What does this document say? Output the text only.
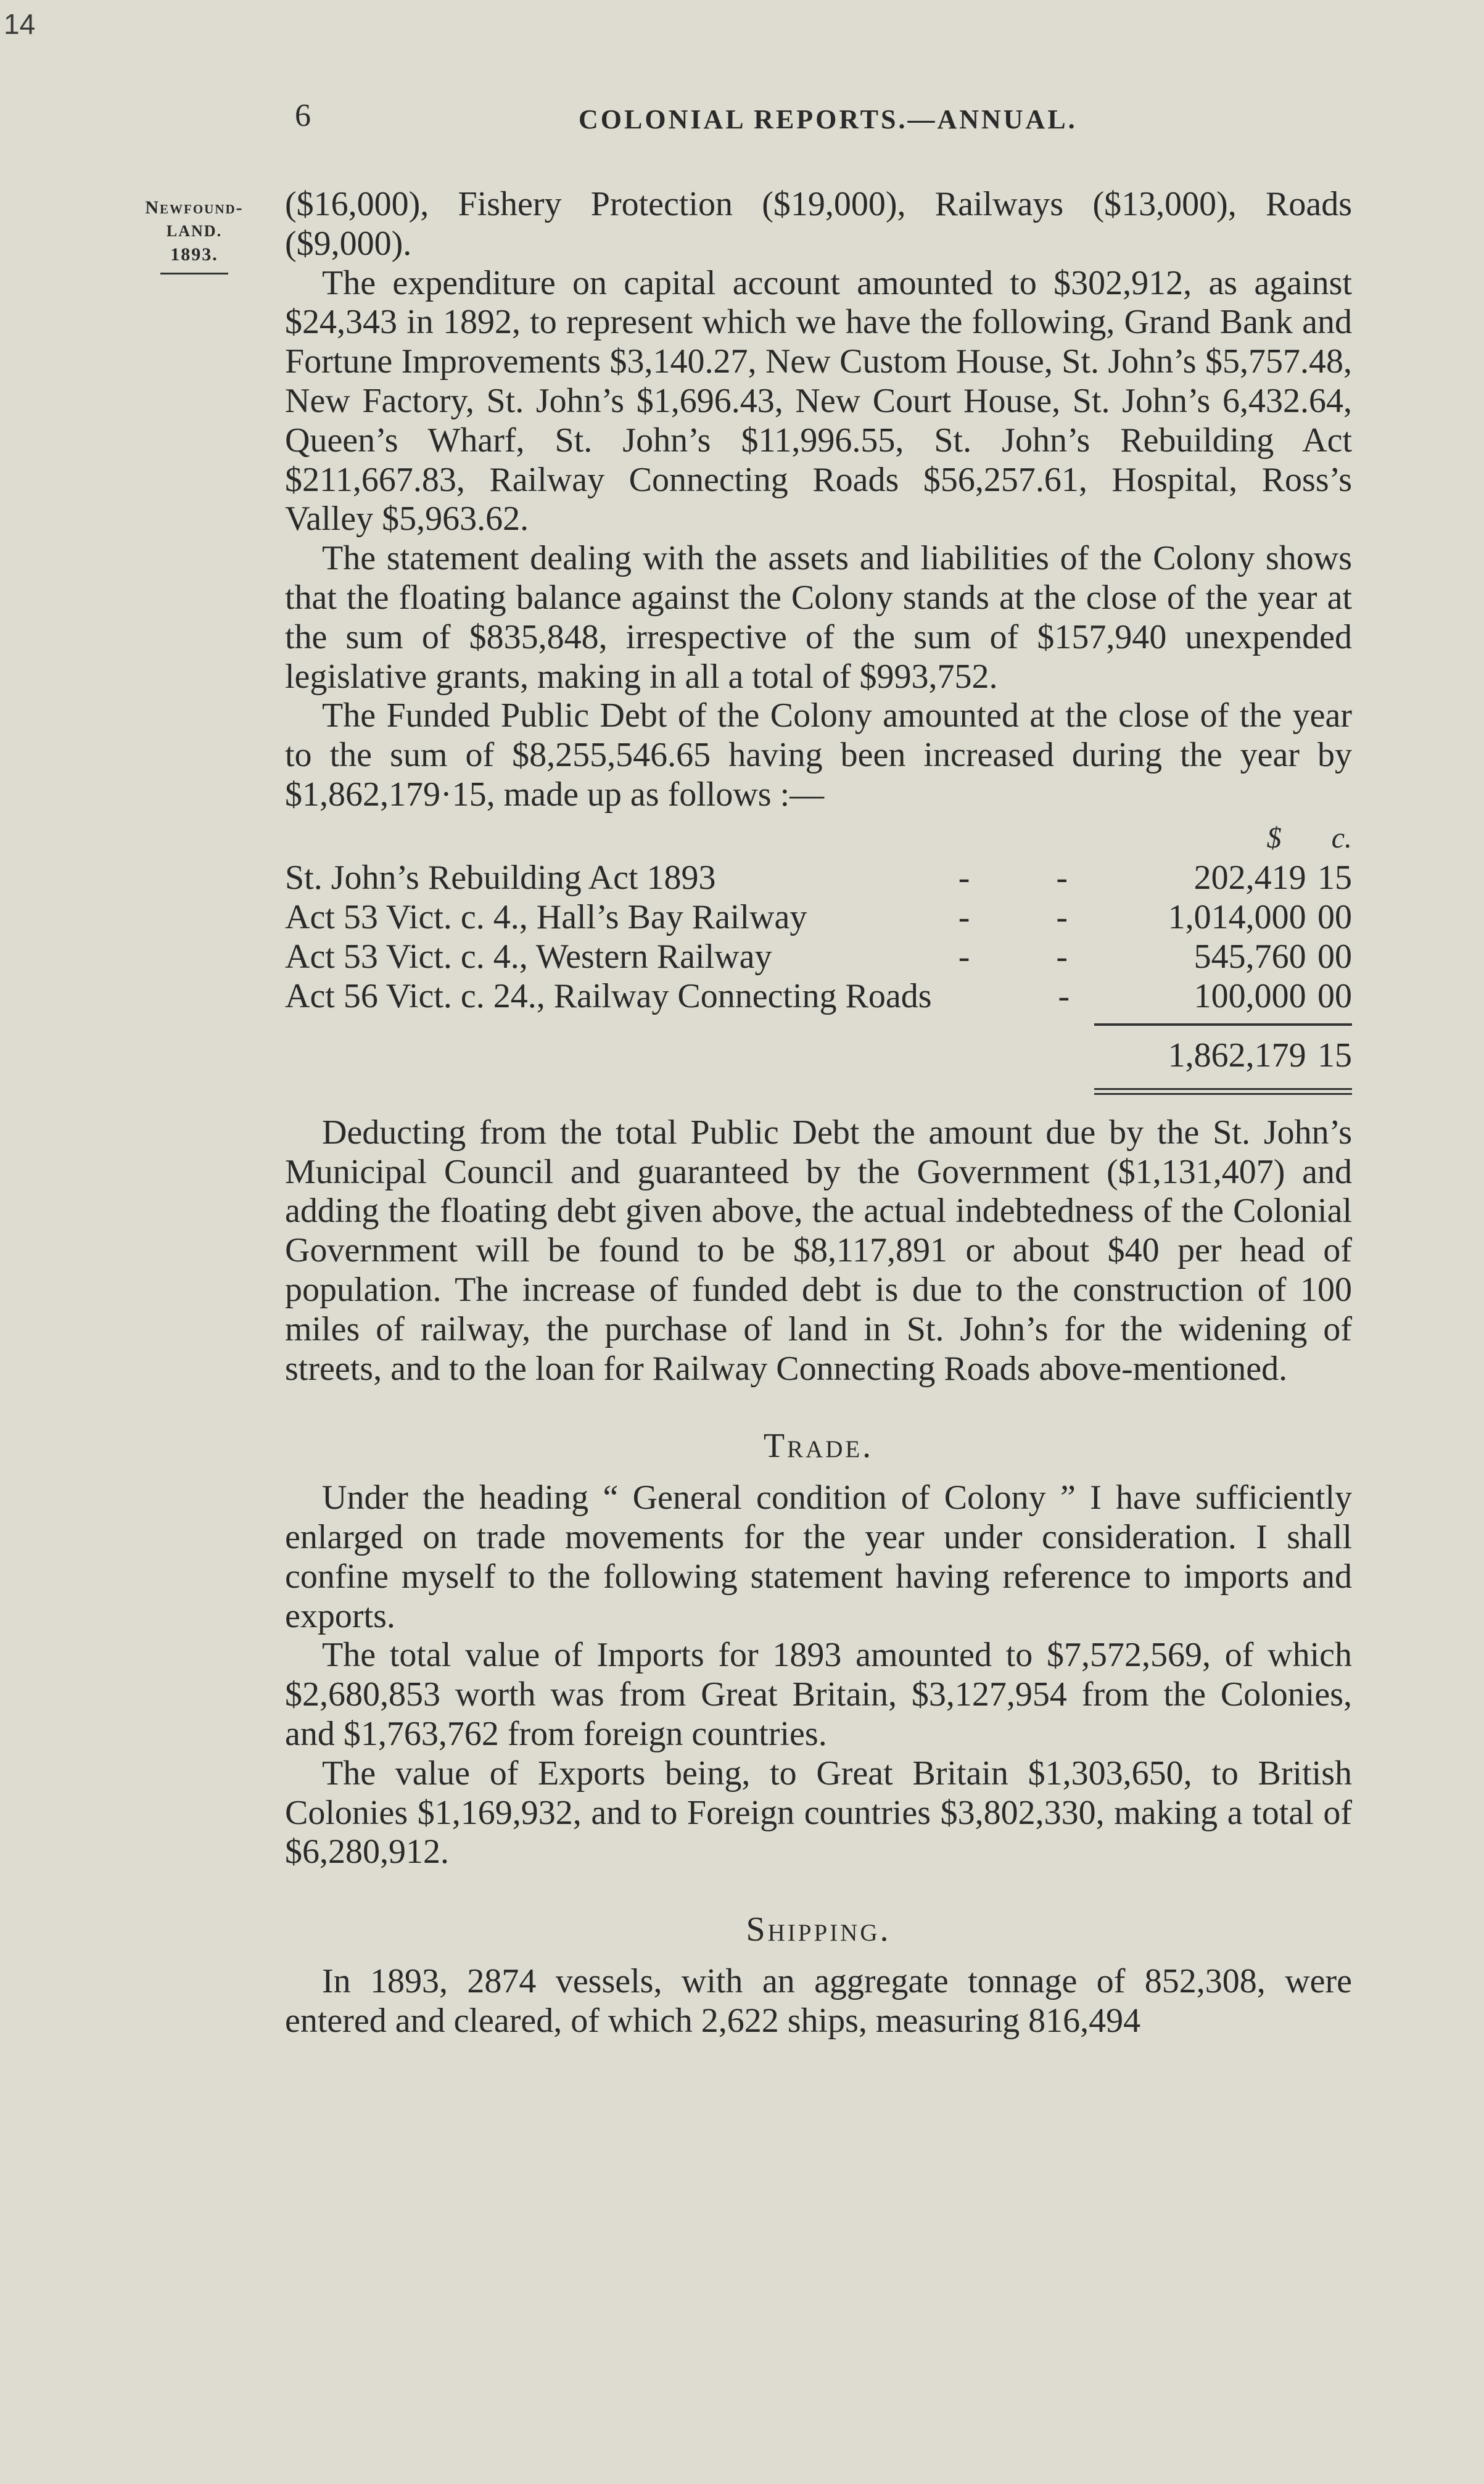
14
6	COLONIAL REPORTS.—ANNUAL.
Newfound-
LAND.
1893.

($16,000), Fishery Protection ($19,000), Railways ($13,000), Roads ($9,000).

The expenditure on capital account amounted to $302,912, as against $24,343 in 1892, to represent which we have the following, Grand Bank and Fortune Improvements $3,140.27, New Custom House, St. John’s $5,757.48, New Factory, St. John’s $1,696.43, New Court House, St. John’s 6,432.64, Queen’s Wharf, St. John’s $11,996.55, St. John’s Rebuilding Act $211,667.83, Railway Connecting Roads $56,257.61, Hospital, Ross’s Valley $5,963.62.

The statement dealing with the assets and liabilities of the Colony shows that the floating balance against the Colony stands at the close of the year at the sum of $835,848, irrespective of the sum of $157,940 unexpended legislative grants, making in all a total of $993,752.

The Funded Public Debt of the Colony amounted at the close of the year to the sum of $8,255,546.65 having been increased during the year by $1,862,179·15, made up as follows :—

		$	c.
St. John’s Rebuilding Act 1893	- -	202,419	15
Act 53 Vict. c. 4., Hall’s Bay Railway	- -	1,014,000	00
Act 53 Vict. c. 4., Western Railway	- -	545,760	00
Act 56 Vict. c. 24., Railway Connecting Roads	-	100,000	00

		1,862,179	15

Deducting from the total Public Debt the amount due by the St. John’s Municipal Council and guaranteed by the Government ($1,131,407) and adding the floating debt given above, the actual indebtedness of the Colonial Government will be found to be $8,117,891 or about $40 per head of population. The increase of funded debt is due to the construction of 100 miles of railway, the purchase of land in St. John’s for the widening of streets, and to the loan for Railway Connecting Roads above-mentioned.

Trade.

Under the heading “ General condition of Colony ” I have sufficiently enlarged on trade movements for the year under consideration. I shall confine myself to the following statement having reference to imports and exports.

The total value of Imports for 1893 amounted to $7,572,569, of which $2,680,853 worth was from Great Britain, $3,127,954 from the Colonies, and $1,763,762 from foreign countries.

The value of Exports being, to Great Britain $1,303,650, to British Colonies $1,169,932, and to Foreign countries $3,802,330, making a total of $6,280,912.

Shipping.

In 1893, 2874 vessels, with an aggregate tonnage of 852,308, were entered and cleared, of which 2,622 ships, measuring 816,494
